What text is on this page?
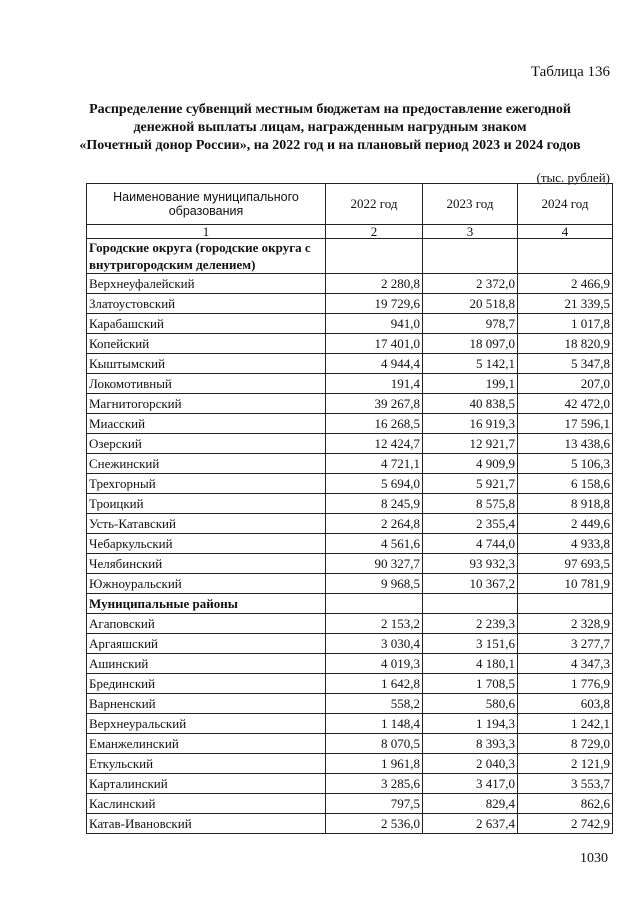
Таблица 136
Распределение субвенций местным бюджетам на предоставление ежегодной
денежной выплаты лицам, награжденным нагрудным знаком
«Почетный донор России», на 2022 год и на плановый период 2023 и 2024 годов
(тыс. рублей)
Наименование муниципального образования	2022 год	2023 год	2024 год
1	2	3	4
Городские округа (городские округа с внутригородским делением)			
Верхнеуфалейский	2 280,8	2 372,0	2 466,9
Златоустовский	19 729,6	20 518,8	21 339,5
Карабашский	941,0	978,7	1 017,8
Копейский	17 401,0	18 097,0	18 820,9
Кыштымский	4 944,4	5 142,1	5 347,8
Локомотивный	191,4	199,1	207,0
Магнитогорский	39 267,8	40 838,5	42 472,0
Миасский	16 268,5	16 919,3	17 596,1
Озерский	12 424,7	12 921,7	13 438,6
Снежинский	4 721,1	4 909,9	5 106,3
Трехгорный	5 694,0	5 921,7	6 158,6
Троицкий	8 245,9	8 575,8	8 918,8
Усть-Катавский	2 264,8	2 355,4	2 449,6
Чебаркульский	4 561,6	4 744,0	4 933,8
Челябинский	90 327,7	93 932,3	97 693,5
Южноуральский	9 968,5	10 367,2	10 781,9
Муниципальные районы			
Агаповский	2 153,2	2 239,3	2 328,9
Аргаяшский	3 030,4	3 151,6	3 277,7
Ашинский	4 019,3	4 180,1	4 347,3
Брединский	1 642,8	1 708,5	1 776,9
Варненский	558,2	580,6	603,8
Верхнеуральский	1 148,4	1 194,3	1 242,1
Еманжелинский	8 070,5	8 393,3	8 729,0
Еткульский	1 961,8	2 040,3	2 121,9
Карталинский	3 285,6	3 417,0	3 553,7
Каслинский	797,5	829,4	862,6
Катав-Ивановский	2 536,0	2 637,4	2 742,9
1030
